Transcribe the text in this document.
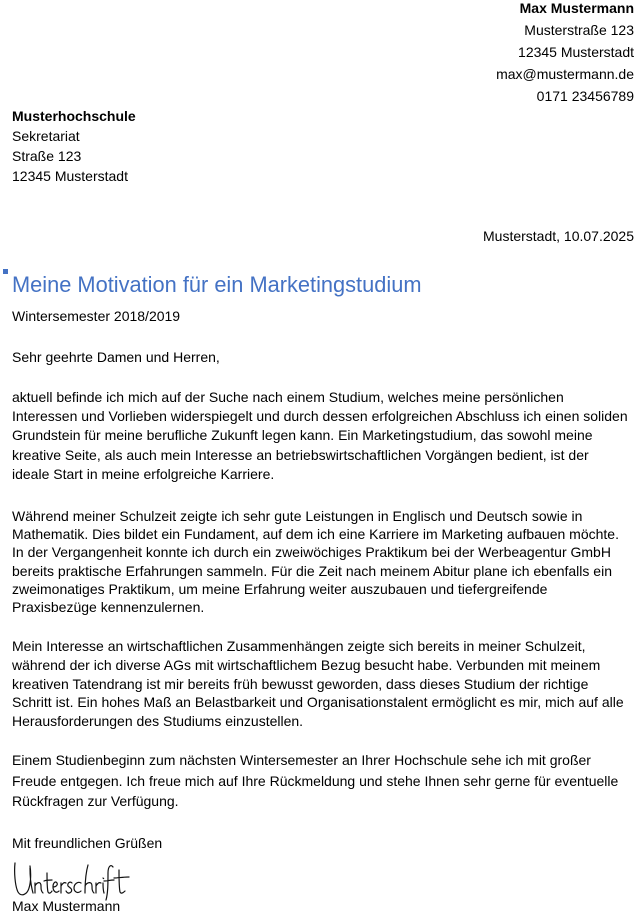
Max Mustermann
Musterstraße 123
12345 Musterstadt
max@mustermann.de
0171 23456789
Musterhochschule
Sekretariat
Straße 123
12345 Musterstadt
Musterstadt, 10.07.2025
Meine Motivation für ein Marketingstudium
Wintersemester 2018/2019
Sehr geehrte Damen und Herren,
aktuell befinde ich mich auf der Suche nach einem Studium, welches meine persönlichen
Interessen und Vorlieben widerspiegelt und durch dessen erfolgreichen Abschluss ich einen soliden
Grundstein für meine berufliche Zukunft legen kann. Ein Marketingstudium, das sowohl meine
kreative Seite, als auch mein Interesse an betriebswirtschaftlichen Vorgängen bedient, ist der
ideale Start in meine erfolgreiche Karriere.
Während meiner Schulzeit zeigte ich sehr gute Leistungen in Englisch und Deutsch sowie in
Mathematik. Dies bildet ein Fundament, auf dem ich eine Karriere im Marketing aufbauen möchte.
In der Vergangenheit konnte ich durch ein zweiwöchiges Praktikum bei der Werbeagentur GmbH
bereits praktische Erfahrungen sammeln. Für die Zeit nach meinem Abitur plane ich ebenfalls ein
zweimonatiges Praktikum, um meine Erfahrung weiter auszubauen und tiefergreifende
Praxisbezüge kennenzulernen.
Mein Interesse an wirtschaftlichen Zusammenhängen zeigte sich bereits in meiner Schulzeit,
während der ich diverse AGs mit wirtschaftlichem Bezug besucht habe. Verbunden mit meinem
kreativen Tatendrang ist mir bereits früh bewusst geworden, dass dieses Studium der richtige
Schritt ist. Ein hohes Maß an Belastbarkeit und Organisationstalent ermöglicht es mir, mich auf alle
Herausforderungen des Studiums einzustellen.
Einem Studienbeginn zum nächsten Wintersemester an Ihrer Hochschule sehe ich mit großer
Freude entgegen. Ich freue mich auf Ihre Rückmeldung und stehe Ihnen sehr gerne für eventuelle
Rückfragen zur Verfügung.
Mit freundlichen Grüßen
Max Mustermann
